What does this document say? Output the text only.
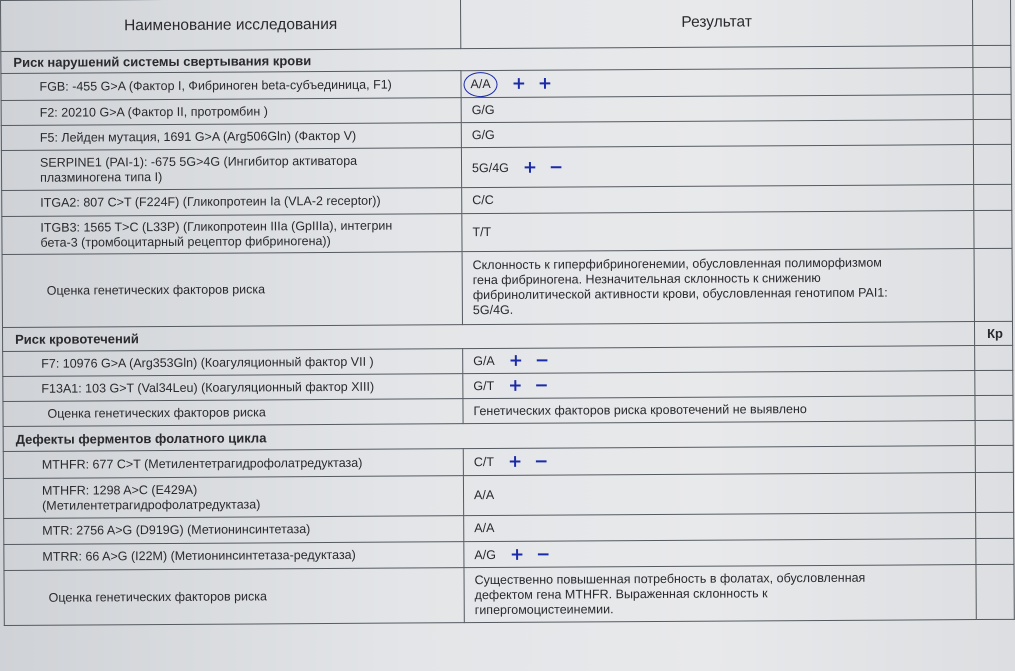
Наименование исследования	Результат	
Риск нарушений системы свертывания крови		
FGB: -455 G>A (Фактор I, Фибриноген beta-субъединица, F1)	A/A + +	
F2: 20210 G>A (Фактор II, протромбин )	G/G	
F5: Лейден мутация, 1691 G>A (Arg506Gln) (Фактор V)	G/G	

SERPINE1 (PAI-1): -675 5G>4G (Ингибитор активатора
плазминогена типа I)	5G/4G + −	
ITGA2: 807 C>T (F224F) (Гликопротеин Ia (VLA-2 receptor))	C/C	

ITGB3: 1565 T>C (L33P) (Гликопротеин IIIa (GpIIIa), интегрин
бета-3 (тромбоцитарный рецептор фибриногена))	T/T	
Оценка генетических факторов риска	Склонность к гиперфибриногенемии, обусловленная полиморфизмом
гена фибриногена. Незначительная склонность к снижению
фибринолитической активности крови, обусловленная генотипом PAI1:
5G/4G.	

Риск кровотечений		Кр
F7: 10976 G>A (Arg353Gln) (Коагуляционный фактор VII )	G/A + −	
F13A1: 103 G>T (Val34Leu) (Коагуляционный фактор XIII)	G/T + −	
Оценка генетических факторов риска	Генетических факторов риска кровотечений не выявлено	
Дефекты ферментов фолатного цикла		
MTHFR: 677 C>T (Метилентетрагидрофолатредуктаза)	C/T + −	

MTHFR: 1298 A>C (E429A)
(Метилентетрагидрофолатредуктаза)	A/A	
MTR: 2756 A>G (D919G) (Метионинсинтетаза)	A/A	
MTRR: 66 A>G (I22M) (Метионинсинтетаза-редуктаза)	A/G + −	
Оценка генетических факторов риска	Существенно повышенная потребность в фолатах, обусловленная
дефектом гена MTHFR. Выраженная склонность к
гипергомоцистеинемии.	
